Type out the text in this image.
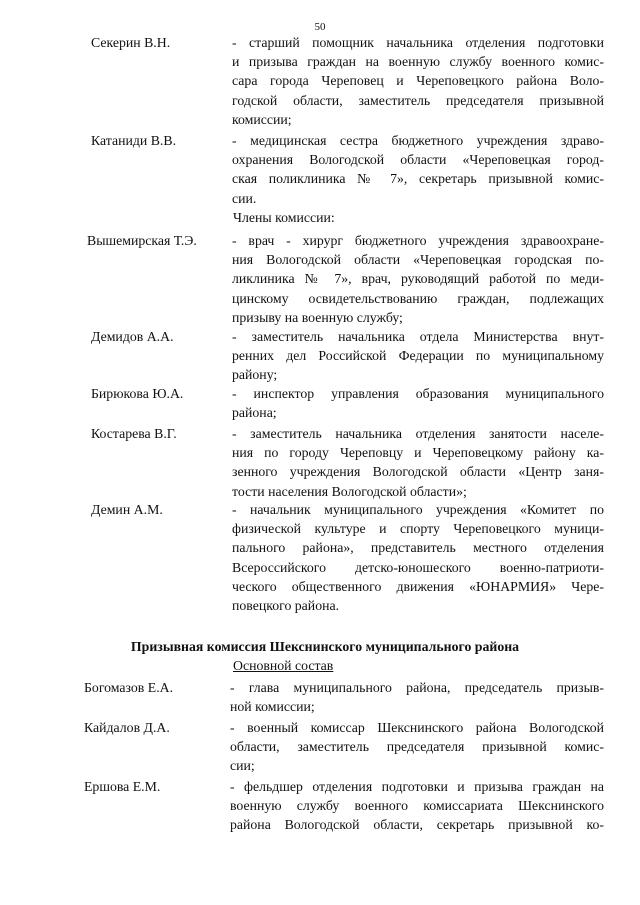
50
Секерин В.Н.	- старший помощник начальника отделения подготовки
и призыва граждан на военную службу военного комис-
сара города Череповец и Череповецкого района Воло-
годской области, заместитель председателя призывной
комиссии;
Катаниди В.В.	- медицинская сестра бюджетного учреждения здраво-
охранения Вологодской области «Череповецкая город-
ская поликлиника № 7», секретарь призывной комис-
сии.
Члены комиссии:
Вышемирская Т.Э.	- врач - хирург бюджетного учреждения здравоохране-
ния Вологодской области «Череповецкая городская по-
ликлиника № 7», врач, руководящий работой по меди-
цинскому освидетельствованию граждан, подлежащих
призыву на военную службу;
Демидов А.А.	- заместитель начальника отдела Министерства внут-
ренних дел Российской Федерации по муниципальному
району;
Бирюкова Ю.А.	- инспектор управления образования муниципального
района;
Костарева В.Г.	- заместитель начальника отделения занятости населе-
ния по городу Череповцу и Череповецкому району ка-
зенного учреждения Вологодской области «Центр заня-
тости населения Вологодской области»;
Демин А.М.	- начальник муниципального учреждения «Комитет по
физической культуре и спорту Череповецкого муници-
пального района», представитель местного отделения
Всероссийского детско-юношеского военно-патриоти-
ческого общественного движения «ЮНАРМИЯ» Чере-
повецкого района.
Призывная комиссия Шекснинского муниципального района
Основной состав
Богомазов Е.А.	- глава муниципального района, председатель призыв-
ной комиссии;
Кайдалов Д.А.	- военный комиссар Шекснинского района Вологодской
области, заместитель председателя призывной комис-
сии;
Ершова Е.М.	- фельдшер отделения подготовки и призыва граждан на
военную службу военного комиссариата Шекснинского
района Вологодской области, секретарь призывной ко-
